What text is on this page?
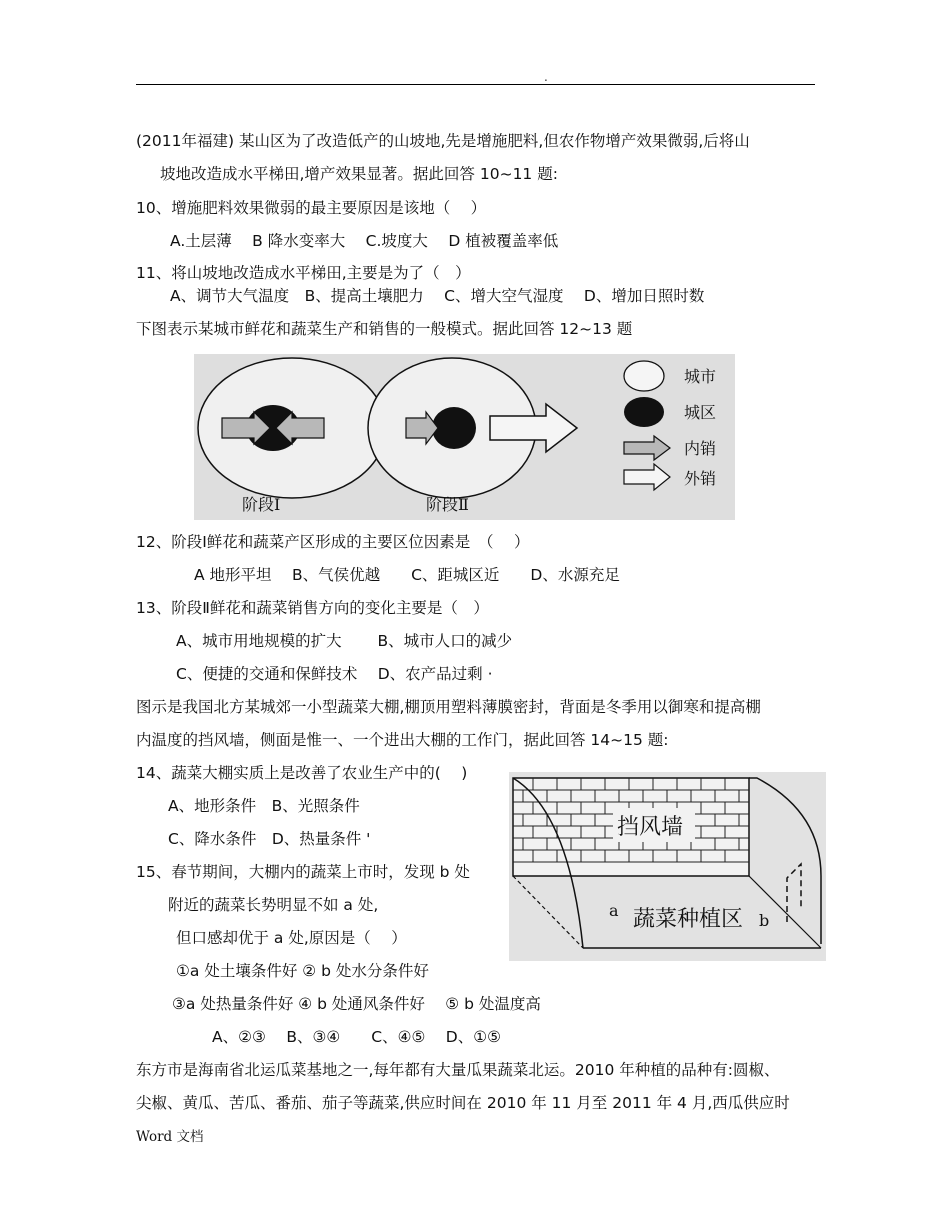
.
(2011年福建) 某山区为了改造低产的山坡地,先是增施肥料,但农作物增产效果微弱,后将山
坡地改造成水平梯田,增产效果显著。据此回答 10~11 题:
10、增施肥料效果微弱的最主要原因是该地（　 ）
A.土层薄　 B 降水变率大　 C.坡度大　 D 植被覆盖率低
11、将山坡地改造成水平梯田,主要是为了（　）
A、调节大气温度　B、提高土壤肥力　 C、增大空气湿度　 D、增加日照时数
下图表示某城市鲜花和蔬菜生产和销售的一般模式。据此回答 12~13 题
阶段Ⅰ	阶段Ⅱ
城市
城区
内销
外销
12、阶段Ⅰ鲜花和蔬菜产区形成的主要区位因素是　（　 ）
A 地形平坦　 B、气侯优越　　C、距城区近　　D、水源充足
13、阶段Ⅱ鲜花和蔬菜销售方向的变化主要是（　）
A、城市用地规模的扩大　　 B、城市人口的减少
C、便捷的交通和保鲜技术　 D、农产品过剩 ·
图示是我国北方某城郊一小型蔬菜大棚,棚顶用塑料薄膜密封，背面是冬季用以御寒和提高棚
内温度的挡风墙，侧面是惟一、一个进出大棚的工作门，据此回答 14~15 题:
14、蔬菜大棚实质上是改善了农业生产中的(　 )
A、地形条件　B、光照条件
C、降水条件　D、热量条件 '
15、春节期间，大棚内的蔬菜上市时，发现 b 处
附近的蔬菜长势明显不如 a 处,
但口感却优于 a 处,原因是（　 ）
①a 处土壤条件好 ② b 处水分条件好
③a 处热量条件好 ④ b 处通风条件好　 ⑤ b 处温度高
A、②③　 B、③④　　C、④⑤　 D、①⑤
东方市是海南省北运瓜菜基地之一,每年都有大量瓜果蔬菜北运。2010 年种植的品种有:圆椒、
尖椒、黄瓜、苦瓜、番茄、茄子等蔬菜,供应时间在 2010 年 11 月至 2011 年 4 月,西瓜供应时
挡风墙
a 蔬菜种植区 b
Word 文档
